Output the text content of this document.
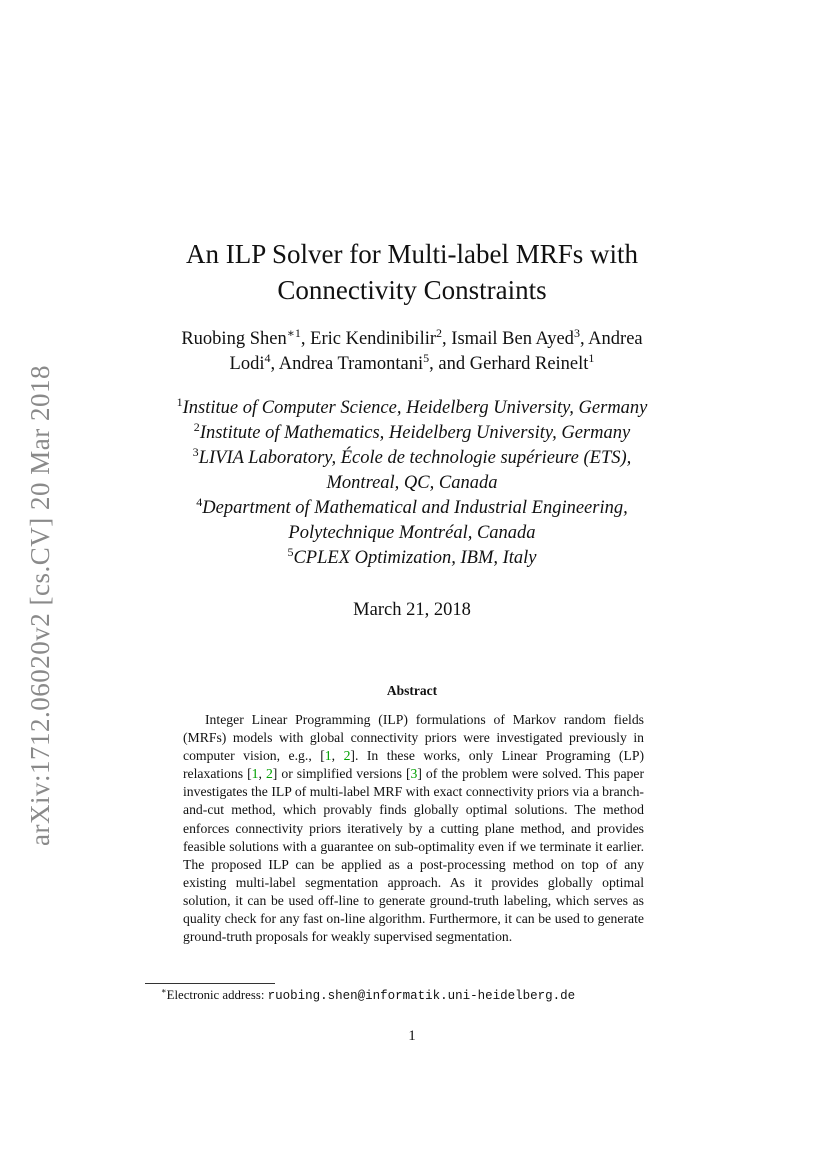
arXiv:1712.06020v2 [cs.CV] 20 Mar 2018
An ILP Solver for Multi-label MRFs with
Connectivity Constraints
Ruobing Shen$^{∗1}$, Eric Kendinibilir$^2$, Ismail Ben Ayed$^3$, Andrea
Lodi$^4$, Andrea Tramontani$^5$, and Gerhard Reinelt$^1$
$^1$Institue of Computer Science, Heidelberg University, Germany
$^2$Institute of Mathematics, Heidelberg University, Germany
$^3$LIVIA Laboratory, École de technologie supérieure (ETS),
Montreal, QC, Canada
$^4$Department of Mathematical and Industrial Engineering,
Polytechnique Montréal, Canada
$^5$CPLEX Optimization, IBM, Italy
March 21, 2018
Abstract
Integer Linear Programming (ILP) formulations of Markov random fields (MRFs) models with global connectivity priors were investigated previously in computer vision, e.g., [1, 2]. In these works, only Linear Programing (LP) relaxations [1, 2] or simplified versions [3] of the problem were solved. This paper investigates the ILP of multi-label MRF with exact connectivity priors via a branch-and-cut method, which provably finds globally optimal solutions. The method enforces connectivity priors iteratively by a cutting plane method, and provides feasible solutions with a guarantee on sub-optimality even if we terminate it earlier. The proposed ILP can be applied as a post-processing method on top of any existing multi-label segmentation approach. As it provides globally optimal solution, it can be used off-line to generate ground-truth labeling, which serves as quality check for any fast on-line algorithm. Furthermore, it can be used to generate ground-truth proposals for weakly supervised segmentation.
∗Electronic address: ruobing.shen@informatik.uni-heidelberg.de
1
